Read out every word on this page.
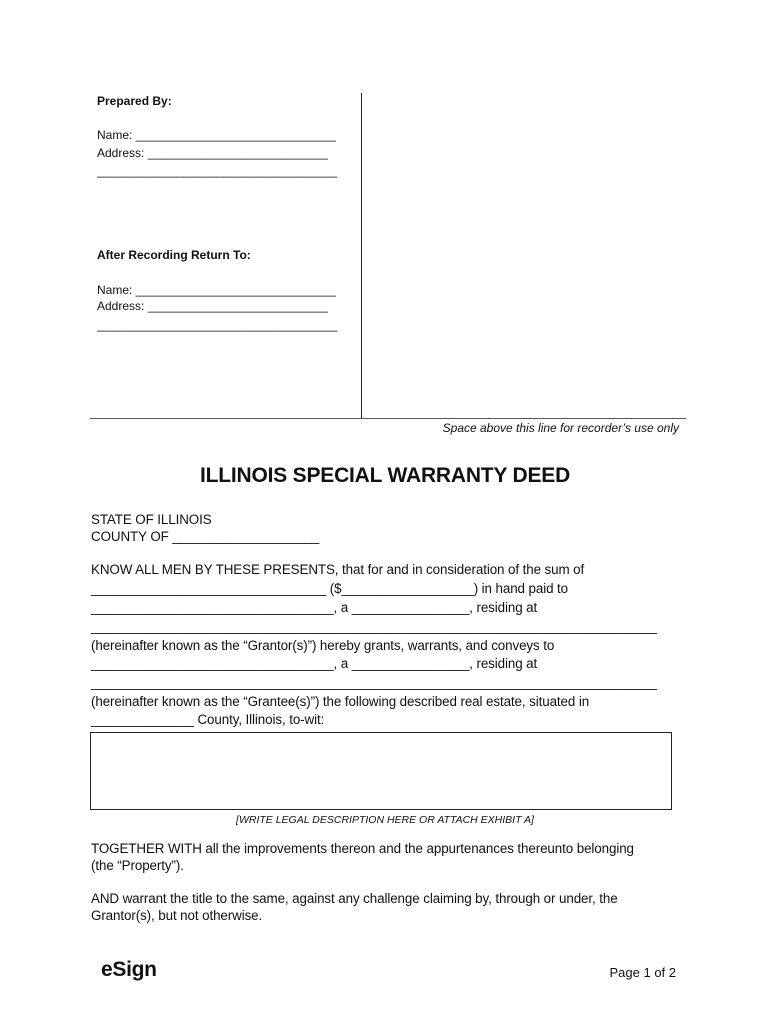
Prepared By:
Name: ______________________________
Address: ___________________________
____________________________________
After Recording Return To:
Name: ______________________________
Address: ___________________________
____________________________________
Space above this line for recorder’s use only
ILLINOIS SPECIAL WARRANTY DEED
STATE OF ILLINOIS
COUNTY OF ____________________
KNOW ALL MEN BY THESE PRESENTS, that for and in consideration of the sum of
________________________________ ($__________________) in hand paid to
_________________________________, a ________________, residing at
_____________________________________________________________________________
(hereinafter known as the “Grantor(s)”) hereby grants, warrants, and conveys to
_________________________________, a ________________, residing at
_____________________________________________________________________________
(hereinafter known as the “Grantee(s)”) the following described real estate, situated in
______________ County, Illinois, to-wit:
[WRITE LEGAL DESCRIPTION HERE OR ATTACH EXHIBIT A]
TOGETHER WITH all the improvements thereon and the appurtenances thereunto belonging
(the “Property”).
AND warrant the title to the same, against any challenge claiming by, through or under, the
Grantor(s), but not otherwise.
eSign	Page 1 of 2
